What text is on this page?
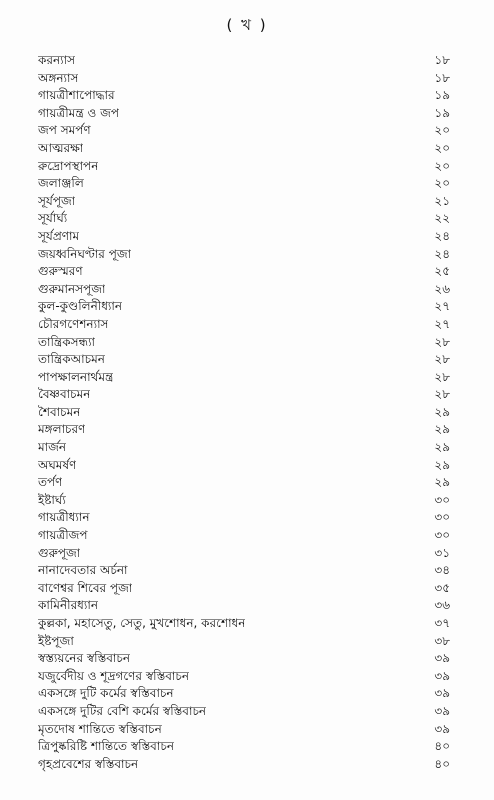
( খ )
করন্যাস	১৮
অঙ্গন্যাস	১৮
গায়ত্রীশাপোদ্ধার	১৯
গায়ত্রীমন্ত্র ও জপ	১৯
জপ সমর্পণ	২০
আত্মরক্ষা	২০
রুদ্রোপস্থাপন	২০
জলাঞ্জলি	২০
সূর্যপূজা	২১
সূর্যার্ঘ্য	২২
সূর্যপ্রণাম	২৪
জয়ধ্বনিঘণ্টার পূজা	২৪
গুরুস্মরণ	২৫
গুরুমানসপূজা	২৬
কুল-কুণ্ডলিনীধ্যান	২৭
চৌরগণেশন্যাস	২৭
তান্ত্রিকসন্ধ্যা	২৮
তান্ত্রিকআচমন	২৮
পাপক্ষালনার্থমন্ত্র	২৮
বৈষ্ণবাচমন	২৮
শৈবাচমন	২৯
মঙ্গলাচরণ	২৯
মার্জন	২৯
অঘমর্ষণ	২৯
তর্পণ	২৯
ইষ্টার্ঘ্য	৩০
গায়ত্রীধ্যান	৩০
গায়ত্রীজপ	৩০
গুরুপূজা	৩১
নানাদেবতার অর্চনা	৩৪
বাণেশ্বর শিবের পূজা	৩৫
কামিনীরধ্যান	৩৬
কুল্লকা, মহাসেতু, সেতু, মুখশোধন, করশোধন	৩৭
ইষ্টপূজা	৩৮
স্বস্ত্যয়নের স্বস্তিবাচন	৩৯
যজুর্বেদীয় ও শূদ্রগণের স্বস্তিবাচন	৩৯
একসঙ্গে দুটি কর্মের স্বস্তিবাচন	৩৯
একসঙ্গে দুটির বেশি কর্মের স্বস্তিবাচন	৩৯
মৃতদোষ শান্তিতে স্বস্তিবাচন	৩৯
ত্রিপুষ্করিষ্টি শান্তিতে স্বস্তিবাচন	৪০
গৃহপ্রবেশের স্বস্তিবাচন	৪০
